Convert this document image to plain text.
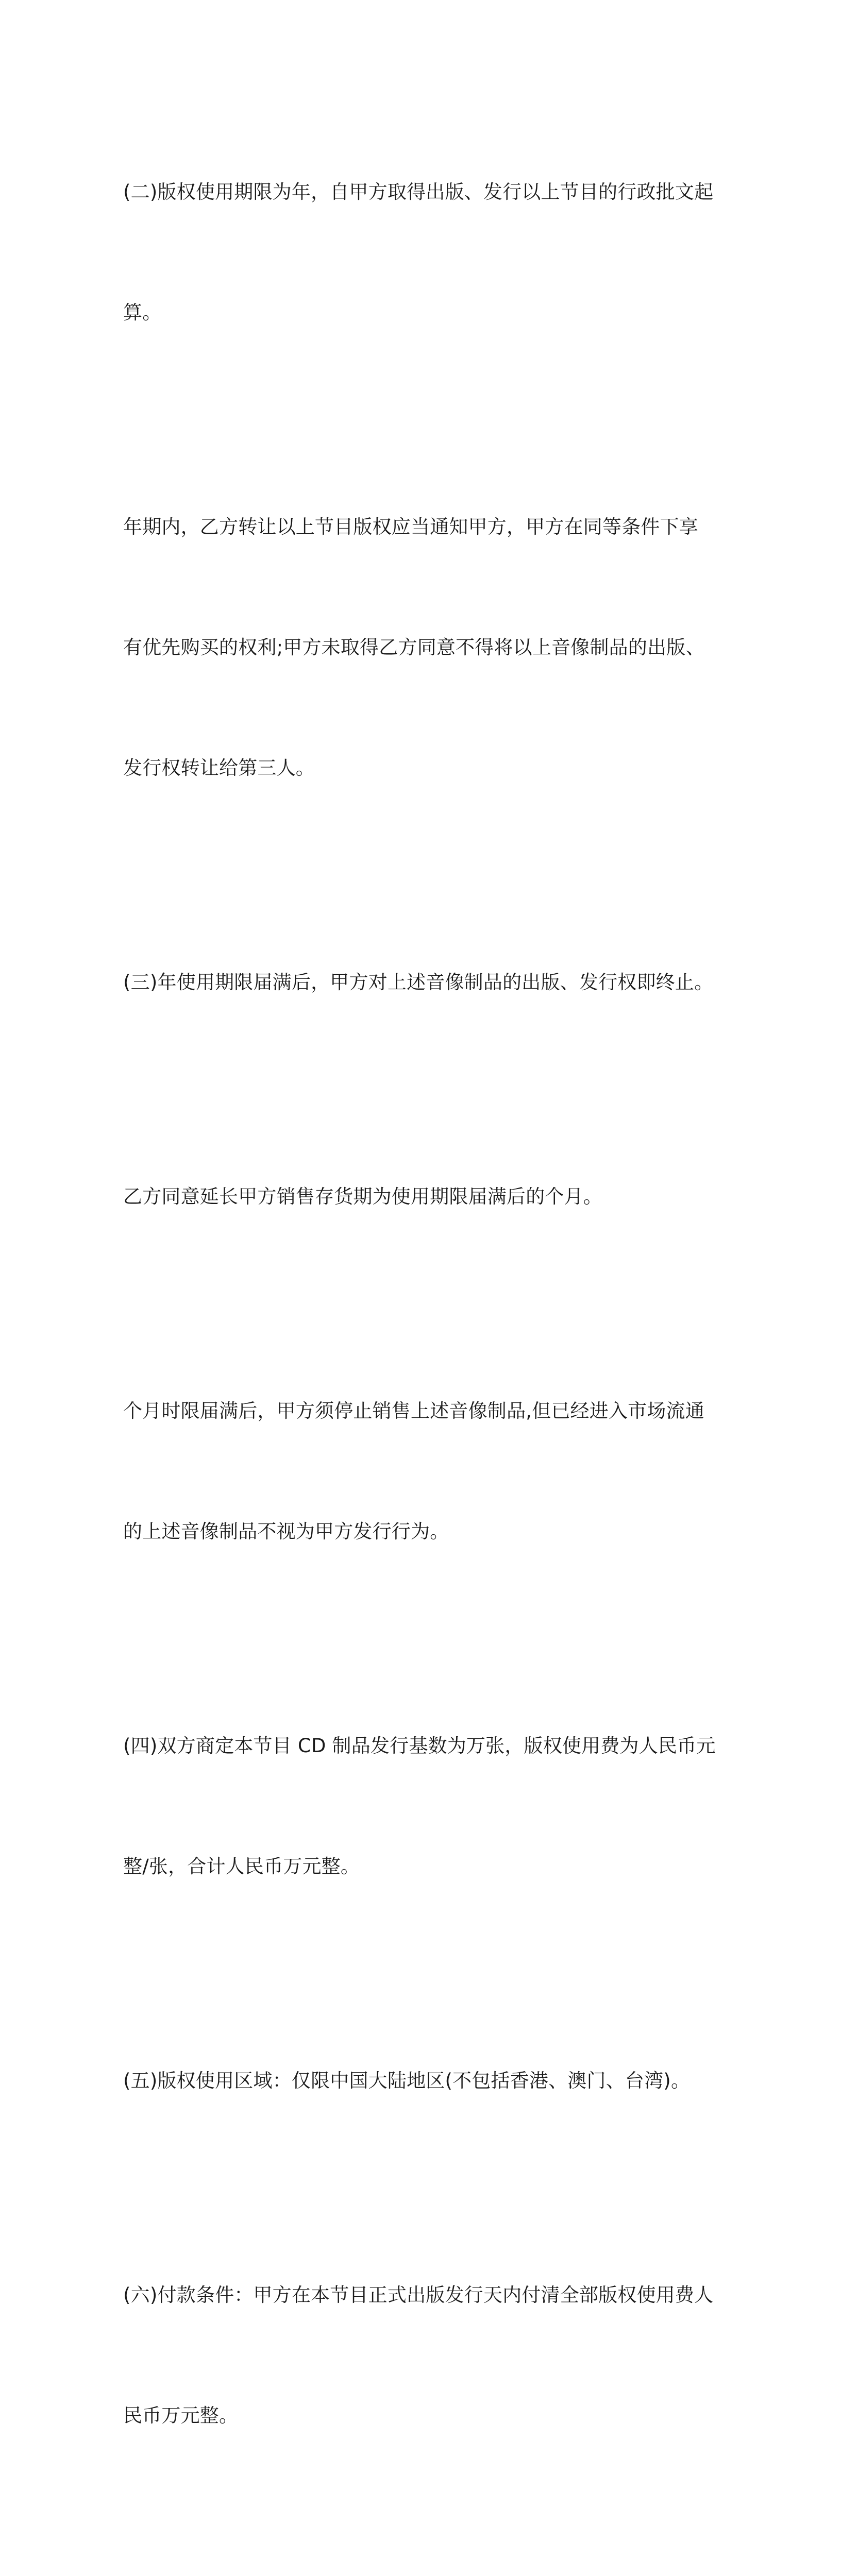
(二)版权使用期限为年，自甲方取得出版、发行以上节目的行政批文起

算。

年期内，乙方转让以上节目版权应当通知甲方，甲方在同等条件下享

有优先购买的权利;甲方未取得乙方同意不得将以上音像制品的出版、

发行权转让给第三人。

(三)年使用期限届满后，甲方对上述音像制品的出版、发行权即终止。

乙方同意延长甲方销售存货期为使用期限届满后的个月。

个月时限届满后，甲方须停止销售上述音像制品,但已经进入市场流通

的上述音像制品不视为甲方发行行为。

(四)双方商定本节目 CD 制品发行基数为万张，版权使用费为人民币元

整/张，合计人民币万元整。

(五)版权使用区域：仅限中国大陆地区(不包括香港、澳门、台湾)。

(六)付款条件：甲方在本节目正式出版发行天内付清全部版权使用费人

民币万元整。
